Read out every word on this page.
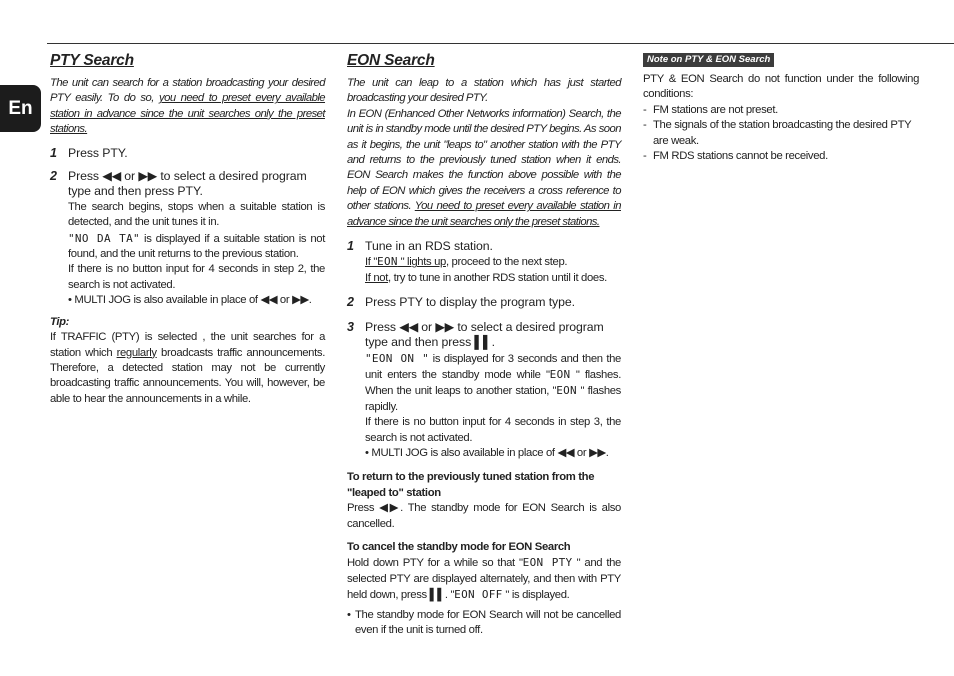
En
PTY Search
The unit can search for a station broadcasting your desired PTY easily. To do so, you need to preset every available station in advance since the unit searches only the preset stations.
1 Press PTY.
2 Press ◀◀ or ▶▶ to select a desired program type and then press PTY.
The search begins, stops when a suitable station is detected, and the unit tunes it in.
"NO DA TA" is displayed if a suitable station is not found, and the unit returns to the previous station.
If there is no button input for 4 seconds in step 2, the search is not activated.
• MULTI JOG is also available in place of ◀◀ or ▶▶.
Tip:
If TRAFFIC (PTY) is selected , the unit searches for a station which regularly broadcasts traffic announcements. Therefore, a detected station may not be currently broadcasting traffic announcements. You will, however, be able to hear the announcements in a while.
EON Search
The unit can leap to a station which has just started broadcasting your desired PTY.
In EON (Enhanced Other Networks information) Search, the unit is in standby mode until the desired PTY begins. As soon as it begins, the unit "leaps to" another station with the PTY and returns to the previously tuned station when it ends. EON Search makes the function above possible with the help of EON which gives the receivers a cross reference to other stations. You need to preset every available station in advance since the unit searches only the preset stations.
1 Tune in an RDS station.
If "EON " lights up, proceed to the next step.
If not, try to tune in another RDS station until it does.
2 Press PTY to display the program type.
3 Press ◀◀ or ▶▶ to select a desired program type and then press ▌▌.
"EON ON " is displayed for 3 seconds and then the unit enters the standby mode while "EON " flashes. When the unit leaps to another station, "EON " flashes rapidly.
If there is no button input for 4 seconds in step 3, the search is not activated.
• MULTI JOG is also available in place of ◀◀ or ▶▶.
To return to the previously tuned station from the "leaped to" station
Press ◀▶. The standby mode for EON Search is also cancelled.
To cancel the standby mode for EON Search
Hold down PTY for a while so that "EON PTY " and the selected PTY are displayed alternately, and then with PTY held down, press ▌▌. "EON OFF " is displayed.
• The standby mode for EON Search will not be cancelled even if the unit is turned off.
Note on PTY & EON Search
PTY & EON Search do not function under the following conditions:
- FM stations are not preset.
- The signals of the station broadcasting the desired PTY are weak.
- FM RDS stations cannot be received.
